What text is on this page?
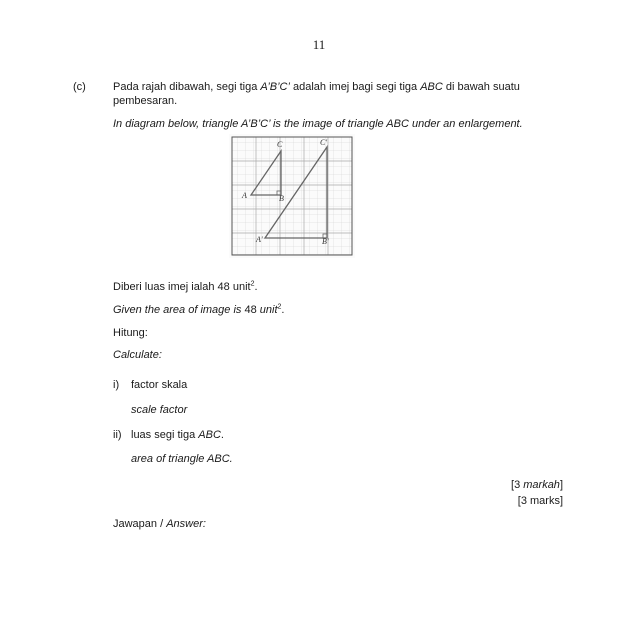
11
(c) Pada rajah dibawah, segi tiga A’B’C’ adalah imej bagi segi tiga ABC di bawah suatu
pembesaran.
In diagram below, triangle A’B’C’ is the image of triangle ABC under an enlargement.
A	B
C
A'	B'
C'
Diberi luas imej ialah 48 unit$^2$.
Given the area of image is 48 unit$^2$.
Hitung:
Calculate:
i) factor skala
scale factor
ii) luas segi tiga ABC.
area of triangle ABC.
[3 markah]
[3 marks]
Jawapan / Answer:
